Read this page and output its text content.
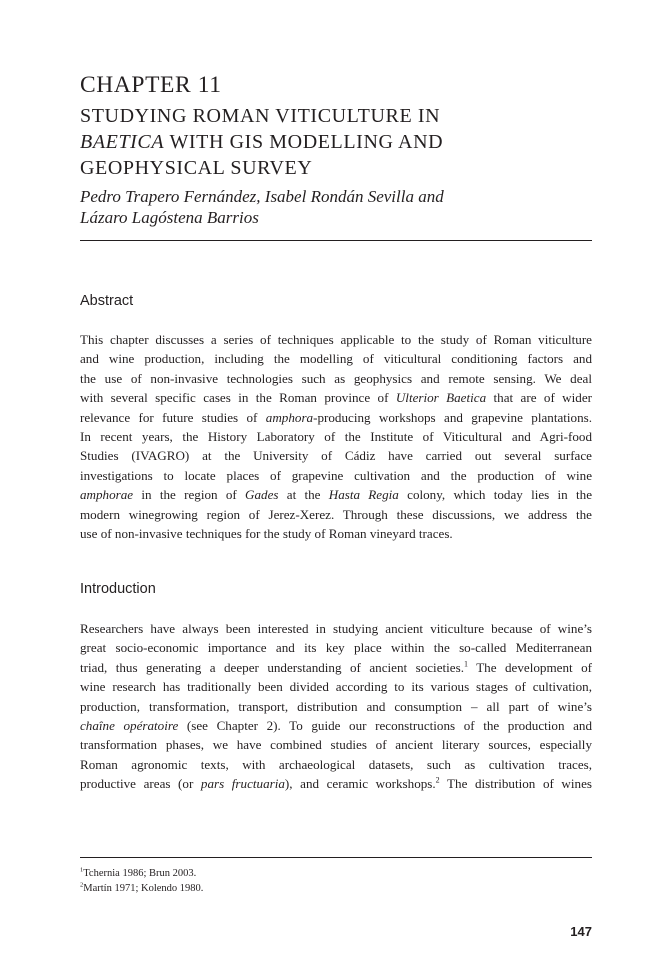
CHAPTER 11
STUDYING ROMAN VITICULTURE IN
BAETICA WITH GIS MODELLING AND
GEOPHYSICAL SURVEY
Pedro Trapero Fernández, Isabel Rondán Sevilla and
Lázaro Lagóstena Barrios
Abstract
This chapter discusses a series of techniques applicable to the study of Roman viticulture
and wine production, including the modelling of viticultural conditioning factors and
the use of non-invasive technologies such as geophysics and remote sensing. We deal
with several specific cases in the Roman province of Ulterior Baetica that are of wider
relevance for future studies of amphora-producing workshops and grapevine plantations.
In recent years, the History Laboratory of the Institute of Viticultural and Agri-food
Studies (IVAGRO) at the University of Cádiz have carried out several surface
investigations to locate places of grapevine cultivation and the production of wine
amphorae in the region of Gades at the Hasta Regia colony, which today lies in the
modern winegrowing region of Jerez-Xerez. Through these discussions, we address the
use of non-invasive techniques for the study of Roman vineyard traces.
Introduction
Researchers have always been interested in studying ancient viticulture because of wine’s
great socio-economic importance and its key place within the so-called Mediterranean
triad, thus generating a deeper understanding of ancient societies.$^1$ The development of
wine research has traditionally been divided according to its various stages of cultivation,
production, transformation, transport, distribution and consumption – all part of wine’s
chaîne opératoire (see Chapter 2). To guide our reconstructions of the production and
transformation phases, we have combined studies of ancient literary sources, especially
Roman agronomic texts, with archaeological datasets, such as cultivation traces,
productive areas (or pars fructuaria), and ceramic workshops.$^2$ The distribution of wines
$^1$Tchernia 1986; Brun 2003.
$^2$Martín 1971; Kolendo 1980.
147
